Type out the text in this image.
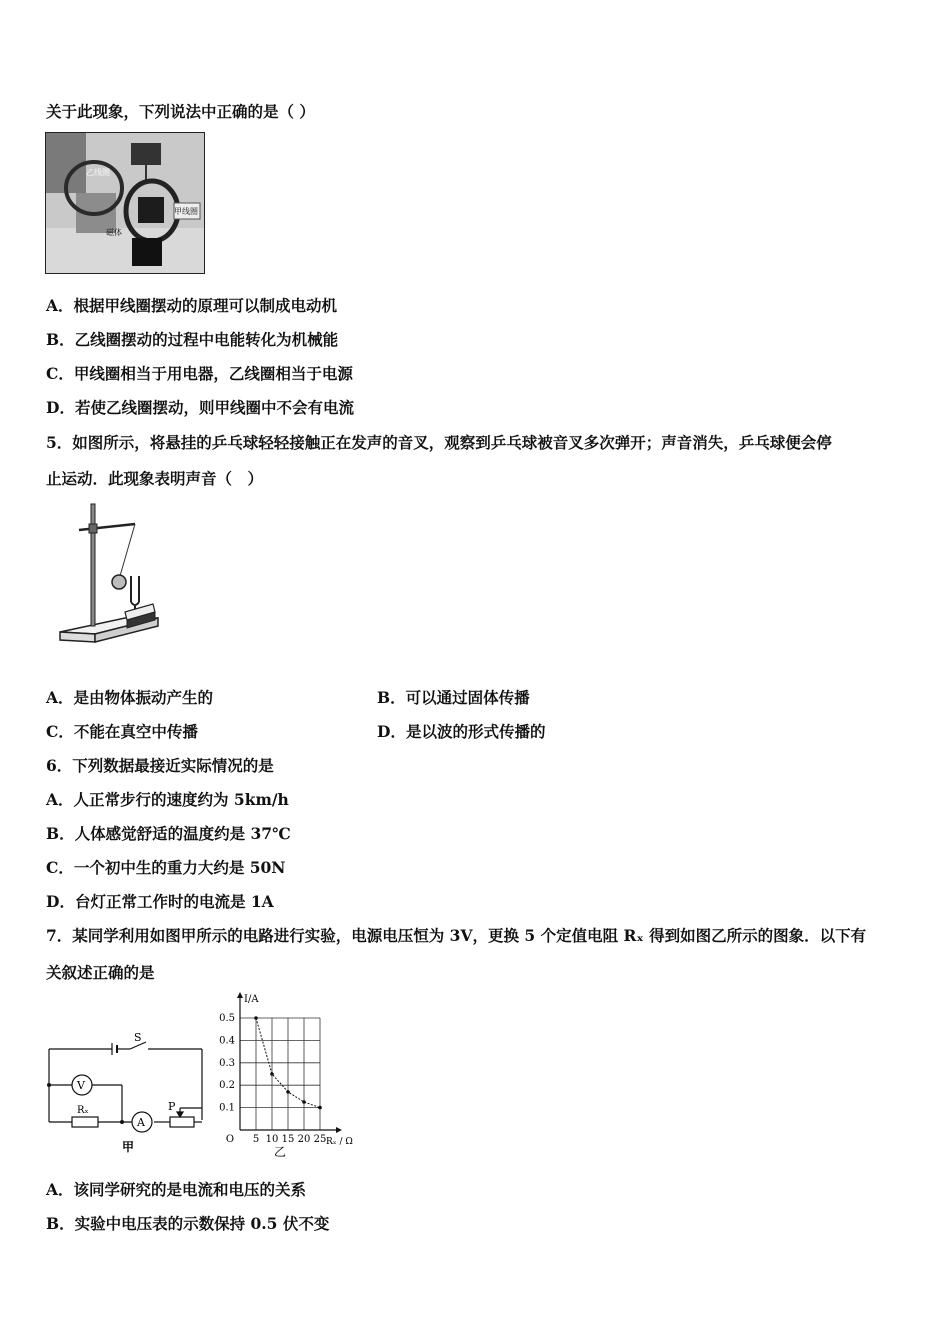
关于此现象，下列说法中正确的是（ ）
乙线圈
甲线圈
磁体
A．根据甲线圈摆动的原理可以制成电动机
B．乙线圈摆动的过程中电能转化为机械能
C．甲线圈相当于用电器，乙线圈相当于电源
D．若使乙线圈摆动，则甲线圈中不会有电流
5．如图所示，将悬挂的乒乓球轻轻接触正在发声的音叉，观察到乒乓球被音叉多次弹开；声音消失，乒乓球便会停
止运动．此现象表明声音（　）
A．是由物体振动产生的	B．可以通过固体传播
C．不能在真空中传播	D．是以波的形式传播的
6．下列数据最接近实际情况的是
A．人正常步行的速度约为 5km/h
B．人体感觉舒适的温度约是 37℃
C．一个初中生的重力大约是 50N
D．台灯正常工作时的电流是 1A
7．某同学利用如图甲所示的电路进行实验，电源电压恒为 3V，更换 5 个定值电阻 Rₓ 得到如图乙所示的图象．以下有
关叙述正确的是
S
V
A
Rₓ	P
甲
5 10 15 20 25
0.5
0.4
0.3
0.2
0.1
O
I/A
Rₓ / Ω
乙
A．该同学研究的是电流和电压的关系
B．实验中电压表的示数保持 0.5 伏不变
